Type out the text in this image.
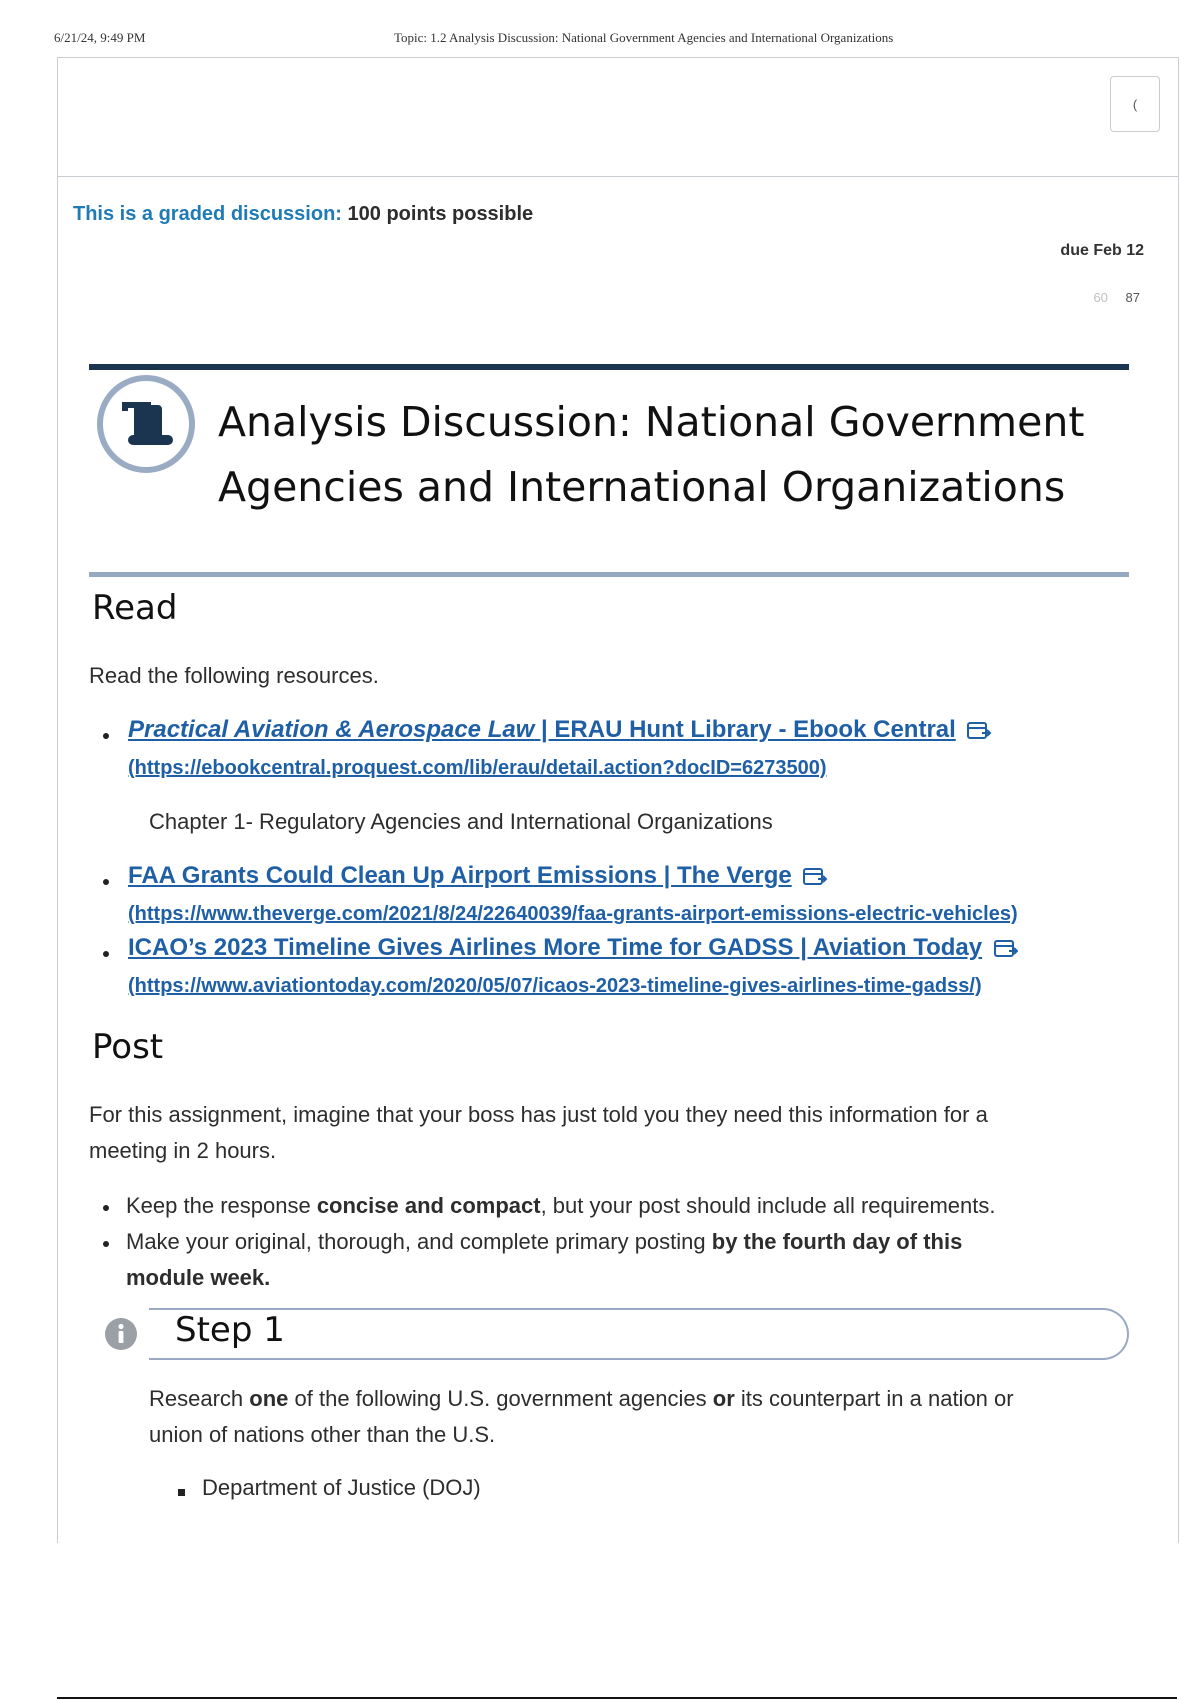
6/21/24, 9:49 PM	Topic: 1.2 Analysis Discussion: National Government Agencies and International Organizations
(
This is a graded discussion: 100 points possible
due Feb 12
60 87
Analysis Discussion: National Government
Agencies and International Organizations
Read

Read the following resources.

Practical Aviation & Aerospace Law | ERAU Hunt Library - Ebook Central
(https://ebookcentral.proquest.com/lib/erau/detail.action?docID=6273500)

Chapter 1- Regulatory Agencies and International Organizations

FAA Grants Could Clean Up Airport Emissions | The Verge
(https://www.theverge.com/2021/8/24/22640039/faa-grants-airport-emissions-electric-vehicles)
ICAO’s 2023 Timeline Gives Airlines More Time for GADSS | Aviation Today
(https://www.aviationtoday.com/2020/05/07/icaos-2023-timeline-gives-airlines-time-gadss/)
Post

For this assignment, imagine that your boss has just told you they need this information for a

meeting in 2 hours.

Keep the response concise and compact, but your post should include all requirements.

Make your original, thorough, and complete primary posting by the fourth day of this

module week.

Step 1

Research one of the following U.S. government agencies or its counterpart in a nation or

union of nations other than the U.S.

Department of Justice (DOJ)
